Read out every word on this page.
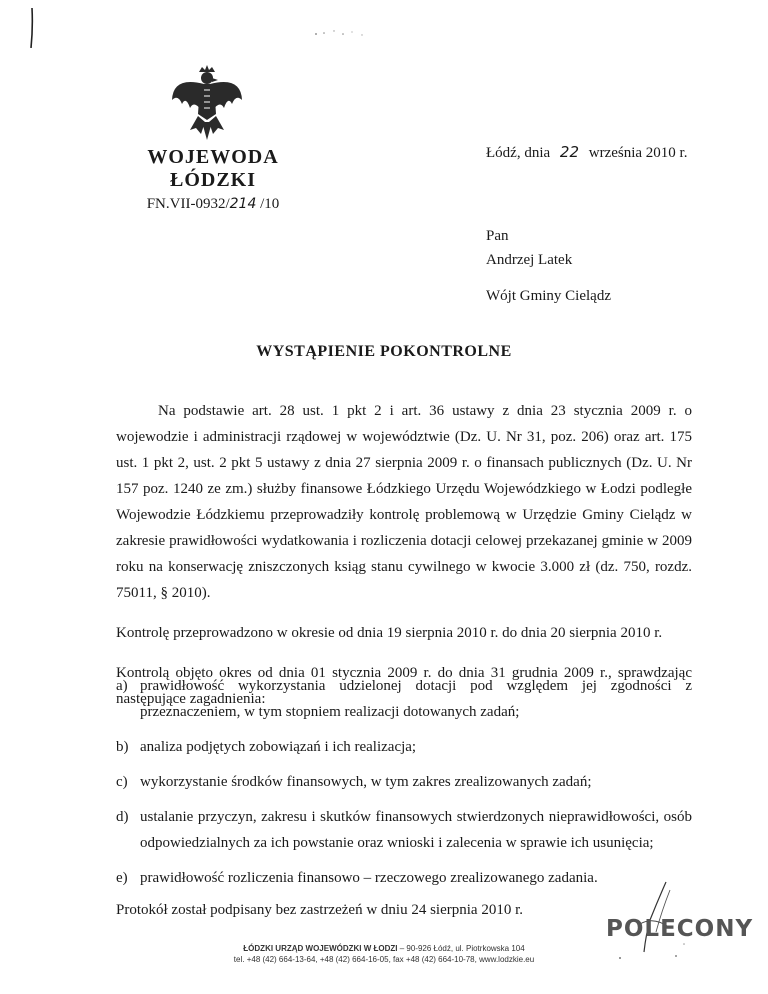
WOJEWODA ŁÓDZKI
FN.VII-0932/214 /10
Łódź, dnia 22 września 2010 r.
Pan
Andrzej Latek
Wójt Gminy Cielądz
WYSTĄPIENIE POKONTROLNE

Na podstawie art. 28 ust. 1 pkt 2 i art. 36 ustawy z dnia 23 stycznia 2009 r. o wojewodzie i administracji rządowej w województwie (Dz. U. Nr 31, poz. 206) oraz art. 175 ust. 1 pkt 2, ust. 2 pkt 5 ustawy z dnia 27 sierpnia 2009 r. o finansach publicznych (Dz. U. Nr 157 poz. 1240 ze zm.) służby finansowe Łódzkiego Urzędu Wojewódzkiego w Łodzi podległe Wojewodzie Łódzkiemu przeprowadziły kontrolę problemową w Urzędzie Gminy Cielądz w zakresie prawidłowości wydatkowania i rozliczenia dotacji celowej przekazanej gminie w 2009 roku na konserwację zniszczonych ksiąg stanu cywilnego w kwocie 3.000 zł (dz. 750, rozdz. 75011, § 2010).

Kontrolę przeprowadzono w okresie od dnia 19 sierpnia 2010 r. do dnia 20 sierpnia 2010 r.

Kontrolą objęto okres od dnia 01 stycznia 2009 r. do dnia 31 grudnia 2009 r., sprawdzając następujące zagadnienia:

a) prawidłowość wykorzystania udzielonej dotacji pod względem jej zgodności z przeznaczeniem, w tym stopniem realizacji dotowanych zadań;
b) analiza podjętych zobowiązań i ich realizacja;
c) wykorzystanie środków finansowych, w tym zakres zrealizowanych zadań;
d) ustalanie przyczyn, zakresu i skutków finansowych stwierdzonych nieprawidłowości, osób odpowiedzialnych za ich powstanie oraz wnioski i zalecenia w sprawie ich usunięcia;
e) prawidłowość rozliczenia finansowo – rzeczowego zrealizowanego zadania.
Protokół został podpisany bez zastrzeżeń w dniu 24 sierpnia 2010 r.
ŁÓDZKI URZĄD WOJEWÓDZKI W ŁODZI – 90-926 Łódź, ul. Piotrkowska 104
tel. +48 (42) 664-13-64, +48 (42) 664-16-05, fax +48 (42) 664-10-78, www.lodzkie.eu
POLECONY
